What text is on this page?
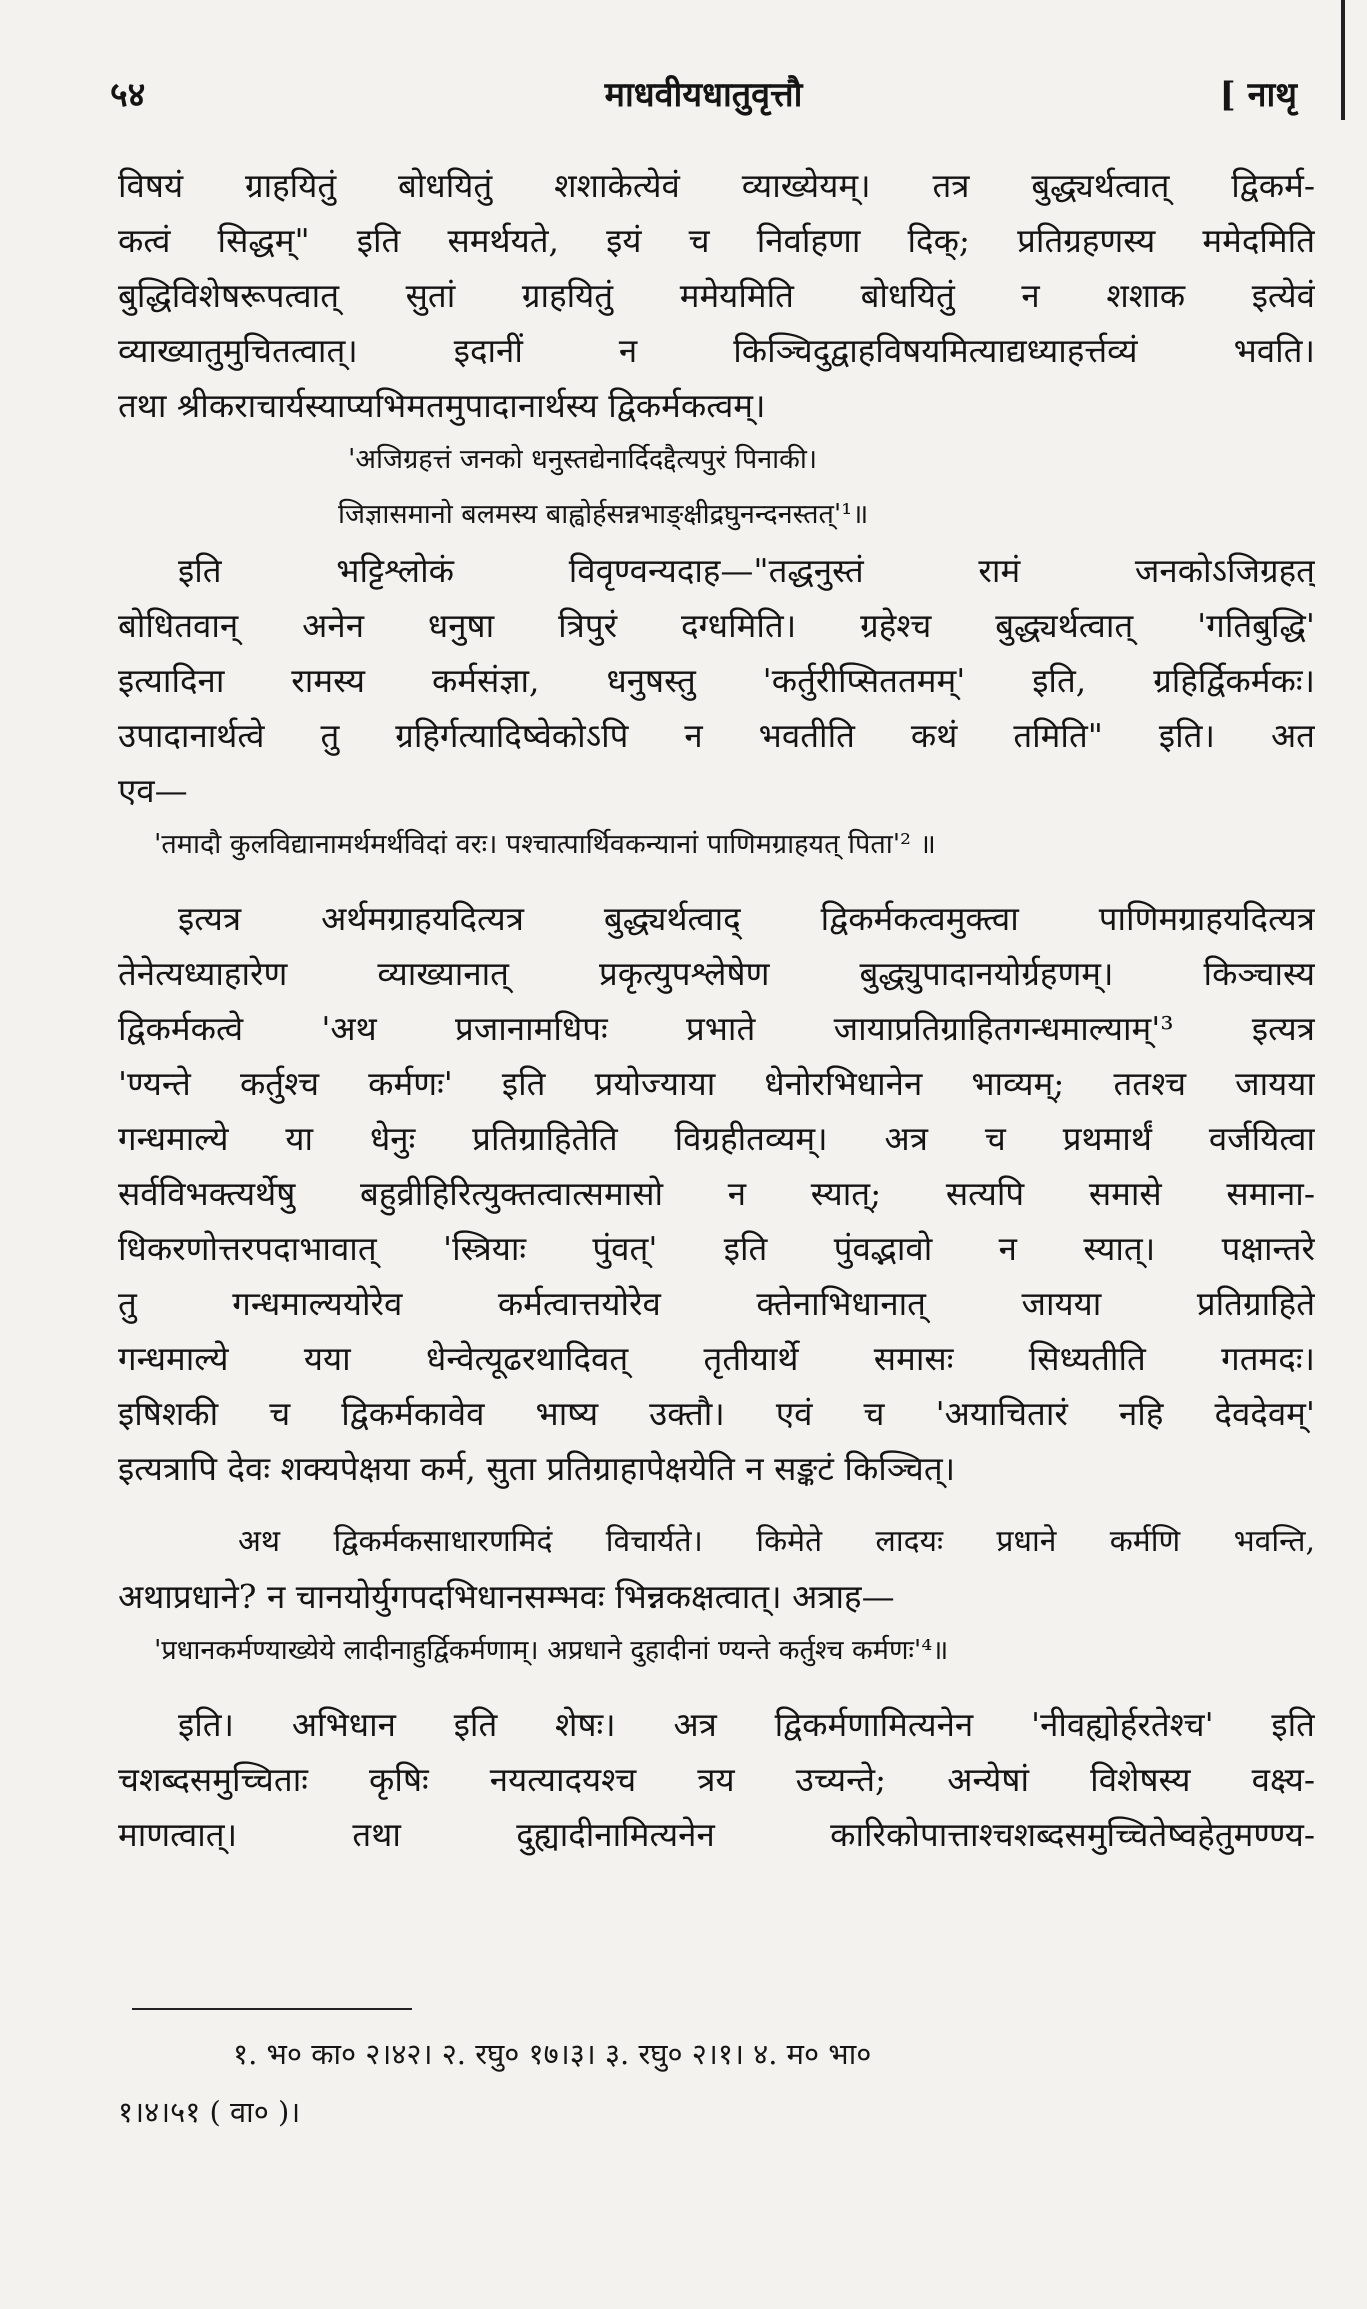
५४	माधवीयधातुवृत्तौ	[ नाथृ
विषयं ग्राहयितुं बोधयितुं शशाकेत्येवं व्याख्येयम्। तत्र बुद्ध्यर्थत्वात् द्विकर्म-
कत्वं सिद्धम्" इति समर्थयते, इयं च निर्वाहणा दिक्; प्रतिग्रहणस्य ममेदमिति
बुद्धिविशेषरूपत्वात् सुतां ग्राहयितुं ममेयमिति बोधयितुं न शशाक इत्येवं
व्याख्यातुमुचितत्वात्। इदानीं न किञ्चिदुद्वाहविषयमित्याद्यध्याहर्त्तव्यं भवति।
तथा श्रीकराचार्यस्याप्यभिमतमुपादानार्थस्य द्विकर्मकत्वम्।
'अजिग्रहत्तं जनको धनुस्तद्येनार्दिदद्दैत्यपुरं पिनाकी।
जिज्ञासमानो बलमस्य बाह्वोर्हसन्नभाङ्क्षीद्रघुनन्दनस्तत्'¹॥
इति भट्टिश्लोकं विवृण्वन्यदाह—"तद्धनुस्तं रामं जनकोऽजिग्रहत्
बोधितवान् अनेन धनुषा त्रिपुरं दग्धमिति। ग्रहेश्च बुद्ध्यर्थत्वात् 'गतिबुद्धि'
इत्यादिना रामस्य कर्मसंज्ञा, धनुषस्तु 'कर्तुरीप्सिततमम्' इति, ग्रहिर्द्विकर्मकः।
उपादानार्थत्वे तु ग्रहिर्गत्यादिष्वेकोऽपि न भवतीति कथं तमिति" इति। अत
एव—
'तमादौ कुलविद्यानामर्थमर्थविदां वरः। पश्चात्पार्थिवकन्यानां पाणिमग्राहयत् पिता'² ॥
इत्यत्र अर्थमग्राहयदित्यत्र बुद्ध्यर्थत्वाद् द्विकर्मकत्वमुक्त्वा पाणिमग्राहयदित्यत्र
तेनेत्यध्याहारेण व्याख्यानात् प्रकृत्युपश्लेषेण बुद्ध्युपादानयोर्ग्रहणम्। किञ्चास्य
द्विकर्मकत्वे 'अथ प्रजानामधिपः प्रभाते जायाप्रतिग्राहितगन्धमाल्याम्'³ इत्यत्र
'ण्यन्ते कर्तुश्च कर्मणः' इति प्रयोज्याया धेनोरभिधानेन भाव्यम्; ततश्च जायया
गन्धमाल्ये या धेनुः प्रतिग्राहितेति विग्रहीतव्यम्। अत्र च प्रथमार्थं वर्जयित्वा
सर्वविभक्त्यर्थेषु बहुव्रीहिरित्युक्तत्वात्समासो न स्यात्; सत्यपि समासे समाना-
धिकरणोत्तरपदाभावात् 'स्त्रियाः पुंवत्' इति पुंवद्भावो न स्यात्। पक्षान्तरे
तु गन्धमाल्ययोरेव कर्मत्वात्तयोरेव क्तेनाभिधानात् जायया प्रतिग्राहिते
गन्धमाल्ये यया धेन्वेत्यूढरथादिवत् तृतीयार्थे समासः सिध्यतीति गतमदः।
इषिशकी च द्विकर्मकावेव भाष्य उक्तौ। एवं च 'अयाचितारं नहि देवदेवम्'
इत्यत्रापि देवः शक्यपेक्षया कर्म, सुता प्रतिग्राहापेक्षयेति न सङ्कटं किञ्चित्।
अथ द्विकर्मकसाधारणमिदं विचार्यते। किमेते लादयः प्रधाने कर्मणि भवन्ति,
अथाप्रधाने? न चानयोर्युगपदभिधानसम्भवः भिन्नकक्षत्वात्। अत्राह—
'प्रधानकर्मण्याख्येये लादीनाहुर्द्विकर्मणाम्। अप्रधाने दुहादीनां ण्यन्ते कर्तुश्च कर्मणः'⁴॥
इति। अभिधान इति शेषः। अत्र द्विकर्मणामित्यनेन 'नीवह्योर्हरतेश्च' इति
चशब्दसमुच्चिताः कृषिः नयत्यादयश्च त्रय उच्यन्ते; अन्येषां विशेषस्य वक्ष्य-
माणत्वात्। तथा दुह्यादीनामित्यनेन कारिकोपात्ताश्चशब्दसमुच्चितेष्वहेतुमण्ण्य-
१. भ० का० २।४२। २. रघु० १७।३। ३. रघु० २।१। ४. म० भा०
१।४।५१ ( वा० )।
